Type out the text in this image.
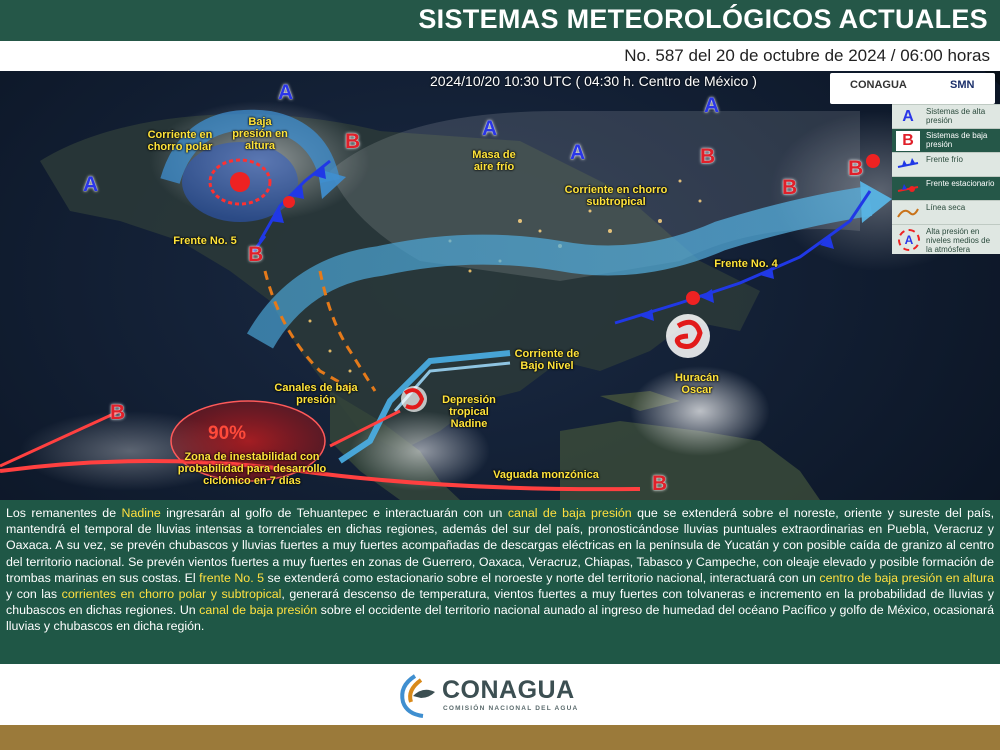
SISTEMAS METEOROLÓGICOS ACTUALES
No. 587 del 20 de octubre de 2024 / 06:00 horas
2024/10/20 10:30 UTC ( 04:30 h. Centro de México )	CONAGUA	SMN
A
A
A
A
A
B
B
B
B
B
B
B
Corriente en chorro polar
Baja presión en altura
Masa de aire frío
Corriente en chorro subtropical
Frente No. 5
Frente No. 4
Corriente de Bajo Nivel
Canales de baja presión	Depresión tropical Nadine
Huracán Oscar
Zona de inestabilidad con probabilidad para desarrollo ciclónico en 7 días
90%
Vaguada monzónica
A	Sistemas de alta presión
B	Sistemas de baja presión
Frente frío
Frente estacionario
Línea seca
A
Alta presión en niveles medios de la atmósfera
Los remanentes de Nadine ingresarán al golfo de Tehuantepec e interactuarán con un canal de baja presión que se extenderá sobre el noreste, oriente y sureste del país, mantendrá el temporal de lluvias intensas a torrenciales en dichas regiones, además del sur del país, pronosticándose lluvias puntuales extraordinarias en Puebla, Veracruz y Oaxaca. A su vez, se prevén chubascos y lluvias fuertes a muy fuertes acompañadas de descargas eléctricas en la península de Yucatán y con posible caída de granizo al centro del territorio nacional. Se prevén vientos fuertes a muy fuertes en zonas de Guerrero, Oaxaca, Veracruz, Chiapas, Tabasco y Campeche, con oleaje elevado y posible formación de trombas marinas en sus costas. El frente No. 5 se extenderá como estacionario sobre el noroeste y norte del territorio nacional, interactuará con un centro de baja presión en altura y con las corrientes en chorro polar y subtropical, generará descenso de temperatura, vientos fuertes a muy fuertes con tolvaneras e incremento en la probabilidad de lluvias y chubascos en dichas regiones. Un canal de baja presión sobre el occidente del territorio nacional aunado al ingreso de humedad del océano Pacífico y golfo de México, ocasionará lluvias y chubascos en dicha región.
CONAGUA
COMISIÓN NACIONAL DEL AGUA
